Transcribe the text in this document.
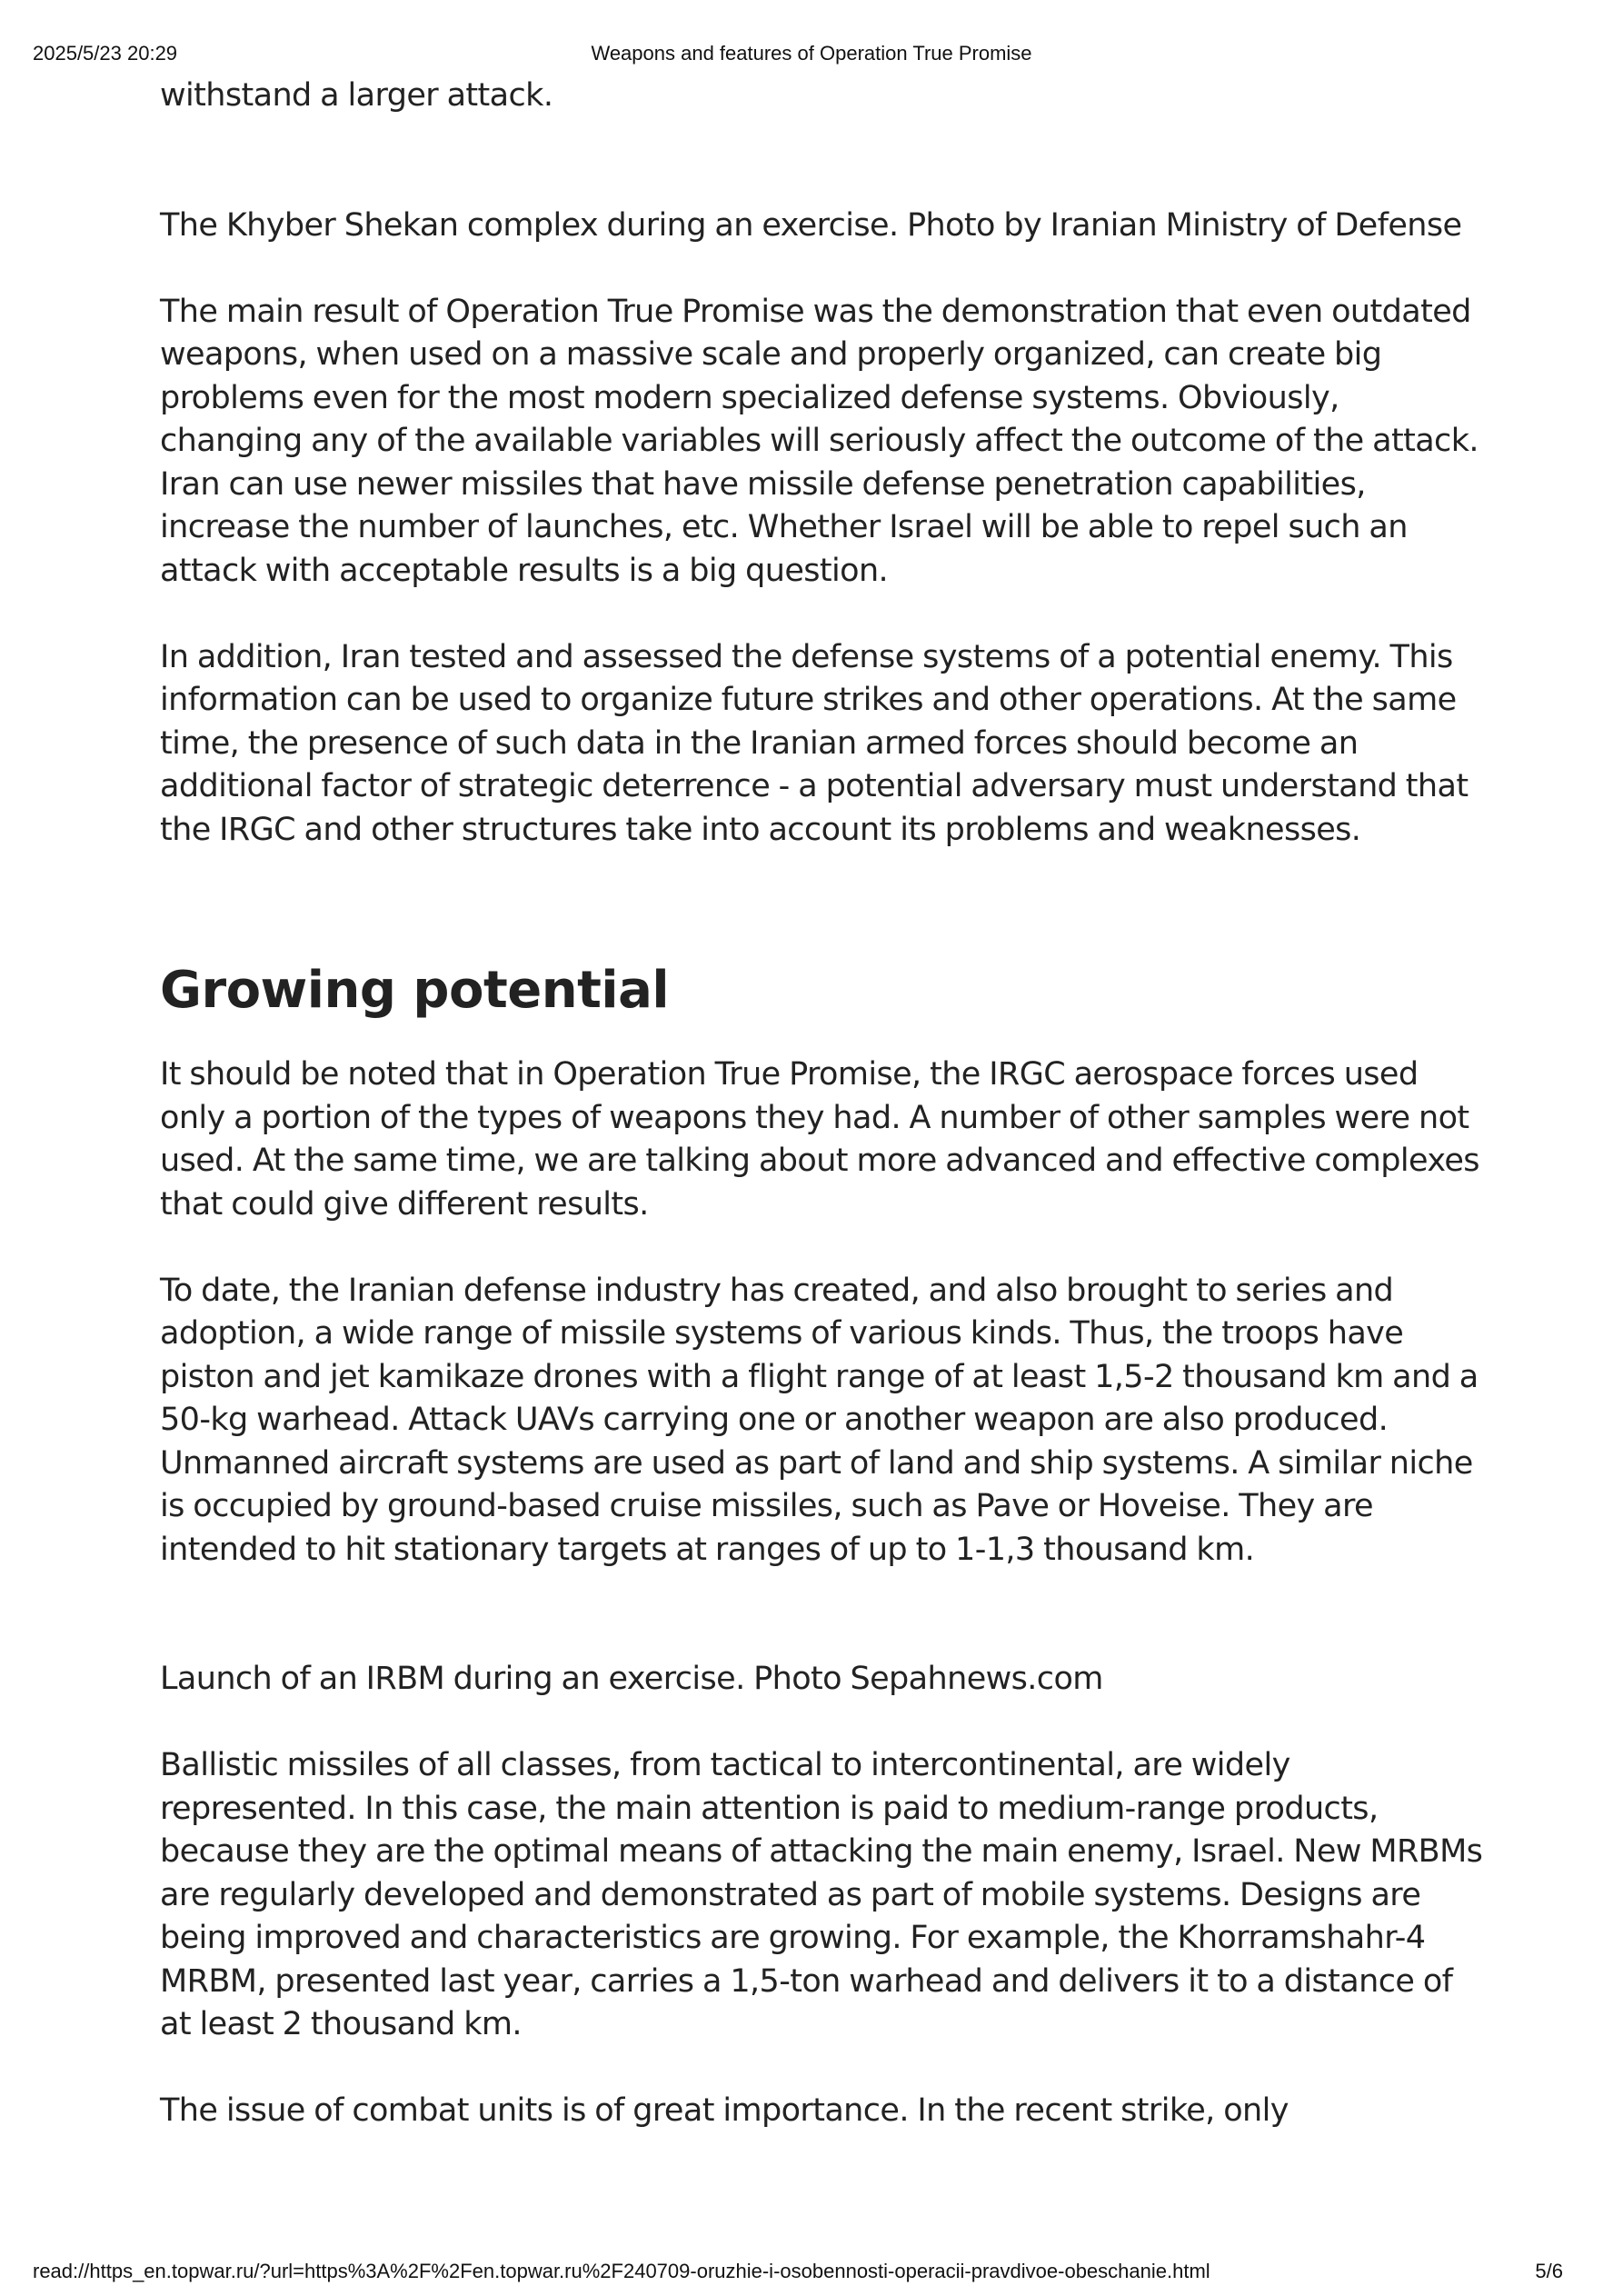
2025/5/23 20:29	Weapons and features of Operation True Promise

withstand a larger attack.

The Khyber Shekan complex during an exercise. Photo by Iranian Ministry of Defense

The main result of Operation True Promise was the demonstration that even outdated weapons, when used on a massive scale and properly organized, can create big problems even for the most modern specialized defense systems. Obviously, changing any of the available variables will seriously affect the outcome of the attack. Iran can use newer missiles that have missile defense penetration capabilities, increase the number of launches, etc. Whether Israel will be able to repel such an attack with acceptable results is a big question.

In addition, Iran tested and assessed the defense systems of a potential enemy. This information can be used to organize future strikes and other operations. At the same time, the presence of such data in the Iranian armed forces should become an additional factor of strategic deterrence - a potential adversary must understand that the IRGC and other structures take into account its problems and weaknesses.

Growing potential

It should be noted that in Operation True Promise, the IRGC aerospace forces used only a portion of the types of weapons they had. A number of other samples were not used. At the same time, we are talking about more advanced and effective complexes that could give different results.

To date, the Iranian defense industry has created, and also brought to series and adoption, a wide range of missile systems of various kinds. Thus, the troops have piston and jet kamikaze drones with a flight range of at least 1,5-2 thousand km and a 50-kg warhead. Attack UAVs carrying one or another weapon are also produced. Unmanned aircraft systems are used as part of land and ship systems. A similar niche is occupied by ground-based cruise missiles, such as Pave or Hoveise. They are intended to hit stationary targets at ranges of up to 1-1,3 thousand km.

Launch of an IRBM during an exercise. Photo Sepahnews.com

Ballistic missiles of all classes, from tactical to intercontinental, are widely represented. In this case, the main attention is paid to medium-range products, because they are the optimal means of attacking the main enemy, Israel. New MRBMs are regularly developed and demonstrated as part of mobile systems. Designs are being improved and characteristics are growing. For example, the Khorramshahr-4 MRBM, presented last year, carries a 1,5-ton warhead and delivers it to a distance of at least 2 thousand km.

The issue of combat units is of great importance. In the recent strike, only

read://https_en.topwar.ru/?url=https%3A%2F%2Fen.topwar.ru%2F240709-oruzhie-i-osobennosti-operacii-pravdivoe-obeschanie.html	5/6
